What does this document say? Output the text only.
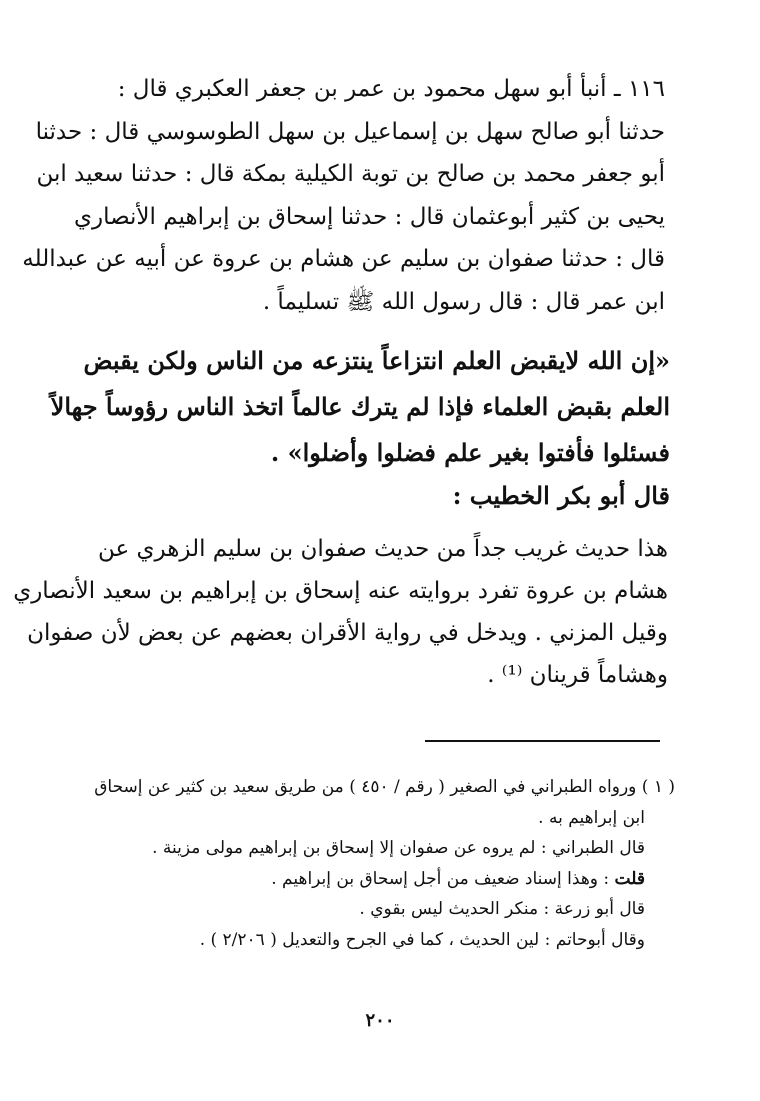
١١٦ ـ أنبأ أبو سهل محمود بن عمر بن جعفر العكبري قال :
حدثنا أبو صالح سهل بن إسماعيل بن سهل الطوسوسي قال : حدثنا
أبو جعفر محمد بن صالح بن توبة الكيلية بمكة قال : حدثنا سعيد ابن
يحيى بن كثير أبوعثمان قال : حدثنا إسحاق بن إبراهيم الأنصاري
قال : حدثنا صفوان بن سليم عن هشام بن عروة عن أبيه عن عبدالله
ابن عمر قال : قال رسول الله ﷺ تسليماً .
«إن الله لايقبض العلم انتزاعاً ينتزعه من الناس ولكن يقبض
العلم بقبض العلماء فإذا لم يترك عالماً اتخذ الناس رؤوساً جهالاً
فسئلوا فأفتوا بغير علم فضلوا وأضلوا» .
قال أبو بكر الخطيب :
هذا حديث غريب جداً من حديث صفوان بن سليم الزهري عن
هشام بن عروة تفرد بروايته عنه إسحاق بن إبراهيم بن سعيد الأنصاري
وقيل المزني . ويدخل في رواية الأقران بعضهم عن بعض لأن صفوان
وهشاماً قرينان ⁽¹⁾ .
( ١ ) ورواه الطبراني في الصغير ( رقم / ٤٥٠ ) من طريق سعيد بن كثير عن إسحاق
ابن إبراهيم به .
قال الطبراني : لم يروه عن صفوان إلا إسحاق بن إبراهيم مولى مزينة .
قلت : وهذا إسناد ضعيف من أجل إسحاق بن إبراهيم .
قال أبو زرعة : منكر الحديث ليس بقوي .
وقال أبوحاتم : لين الحديث ، كما في الجرح والتعديل ( ٢/٢٠٦ ) .
٢٠٠
